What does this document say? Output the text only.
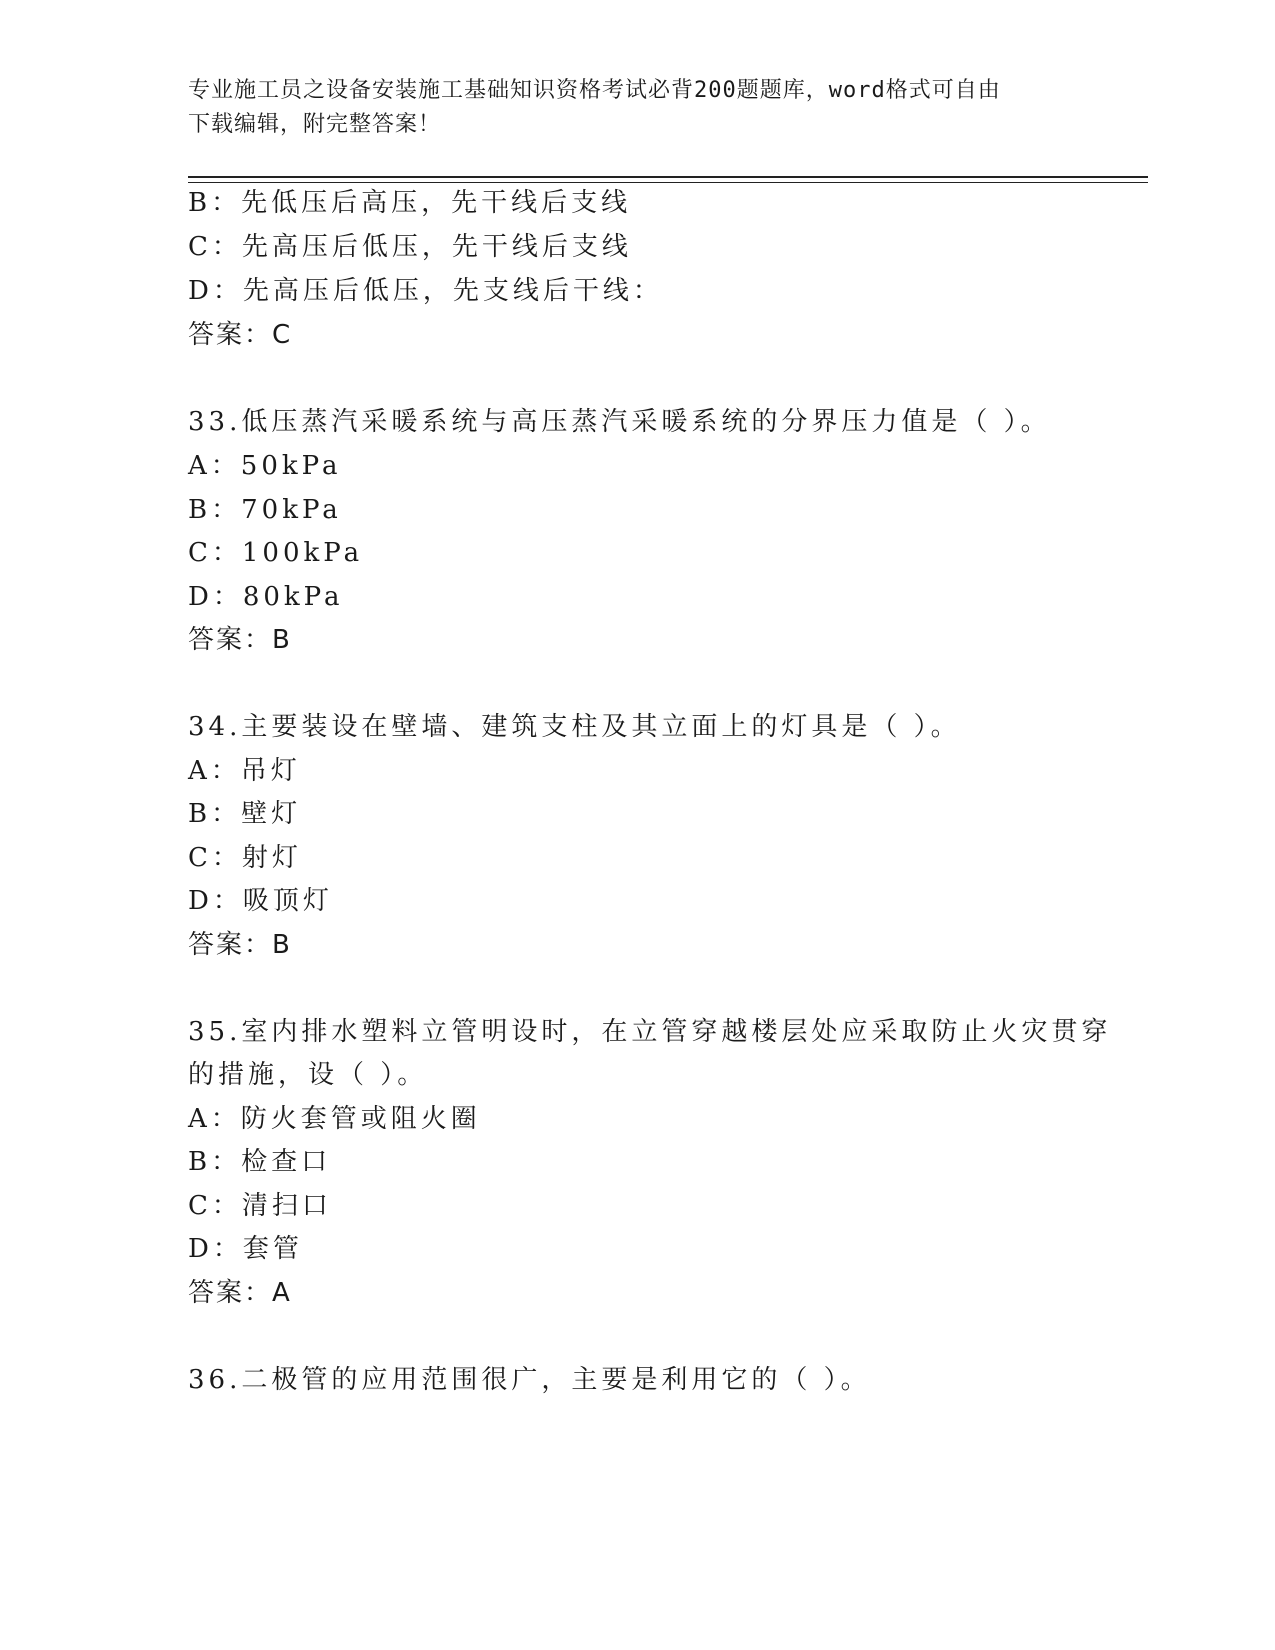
专业施工员之设备安装施工基础知识资格考试必背200题题库，word格式可自由
下载编辑，附完整答案！
B：先低压后高压，先干线后支线
C：先高压后低压，先干线后支线
D：先高压后低压，先支线后干线：
答案：C
33.低压蒸汽采暖系统与高压蒸汽采暖系统的分界压力值是（ ）。
A：50kPa
B：70kPa
C：100kPa
D：80kPa
答案：B
34.主要装设在壁墙、建筑支柱及其立面上的灯具是（ ）。
A：吊灯
B：壁灯
C：射灯
D：吸顶灯
答案：B
35.室内排水塑料立管明设时，在立管穿越楼层处应采取防止火灾贯穿
的措施，设（ ）。
A：防火套管或阻火圈
B：检查口
C：清扫口
D：套管
答案：A
36.二极管的应用范围很广，主要是利用它的（ ）。
